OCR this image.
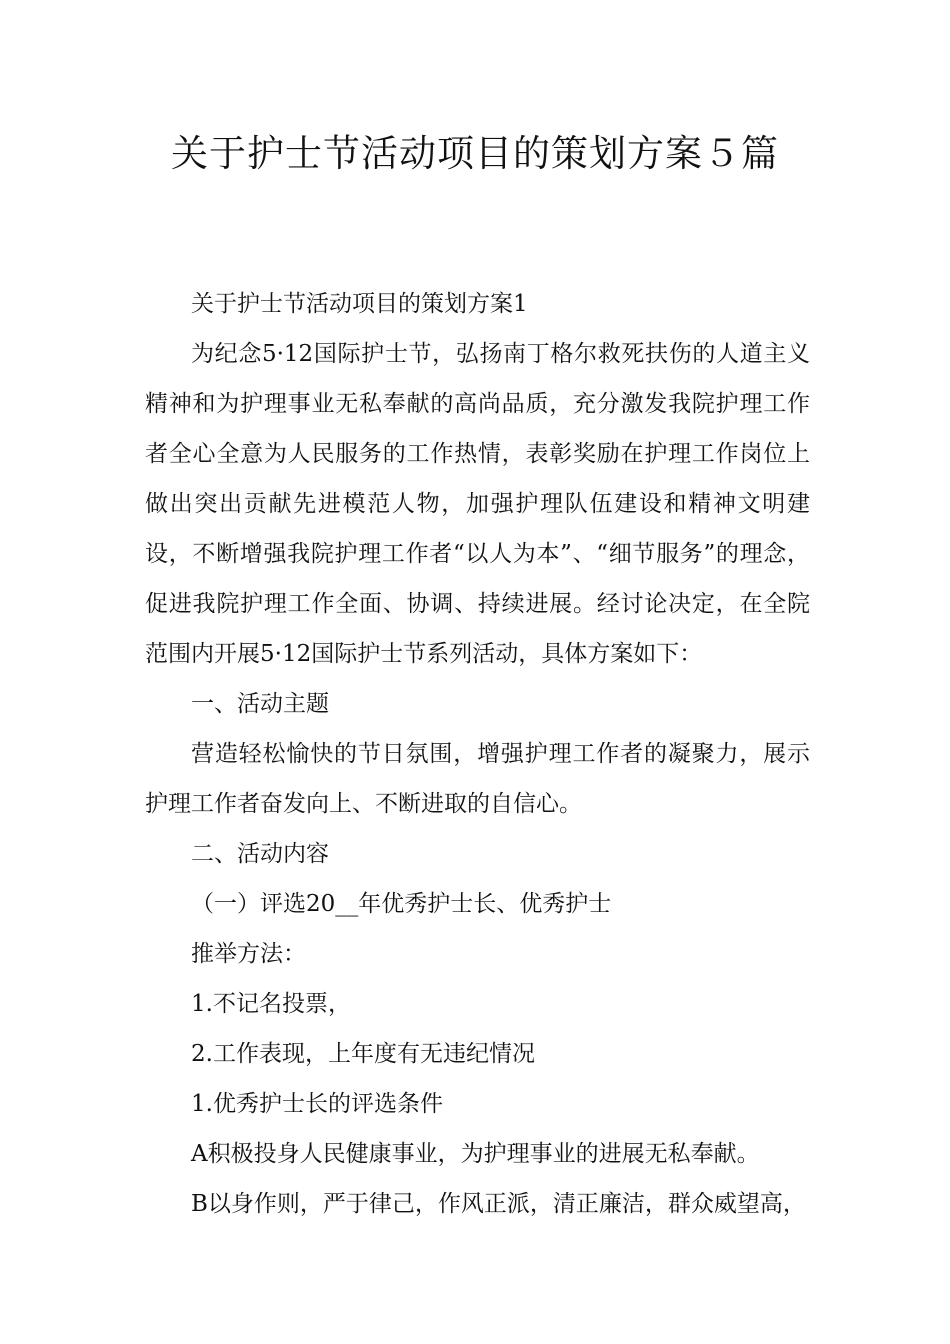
关于护士节活动项目的策划方案５篇

关于护士节活动项目的策划方案1

为纪念5·12国际护士节，弘扬南丁格尔救死扶伤的人道主义精神和为护理事业无私奉献的高尚品质，充分激发我院护理工作者全心全意为人民服务的工作热情，表彰奖励在护理工作岗位上做出突出贡献先进模范人物，加强护理队伍建设和精神文明建设，不断增强我院护理工作者“以人为本”、“细节服务”的理念，促进我院护理工作全面、协调、持续进展。经讨论决定，在全院范围内开展5·12国际护士节系列活动，具体方案如下：

一、活动主题

营造轻松愉快的节日氛围，增强护理工作者的凝聚力，展示护理工作者奋发向上、不断进取的自信心。

二、活动内容

（一）评选20__年优秀护士长、优秀护士

推举方法：

1.不记名投票，

2.工作表现，上年度有无违纪情况

1.优秀护士长的评选条件

A积极投身人民健康事业，为护理事业的进展无私奉献。

B以身作则，严于律己，作风正派，清正廉洁，群众威望高，
